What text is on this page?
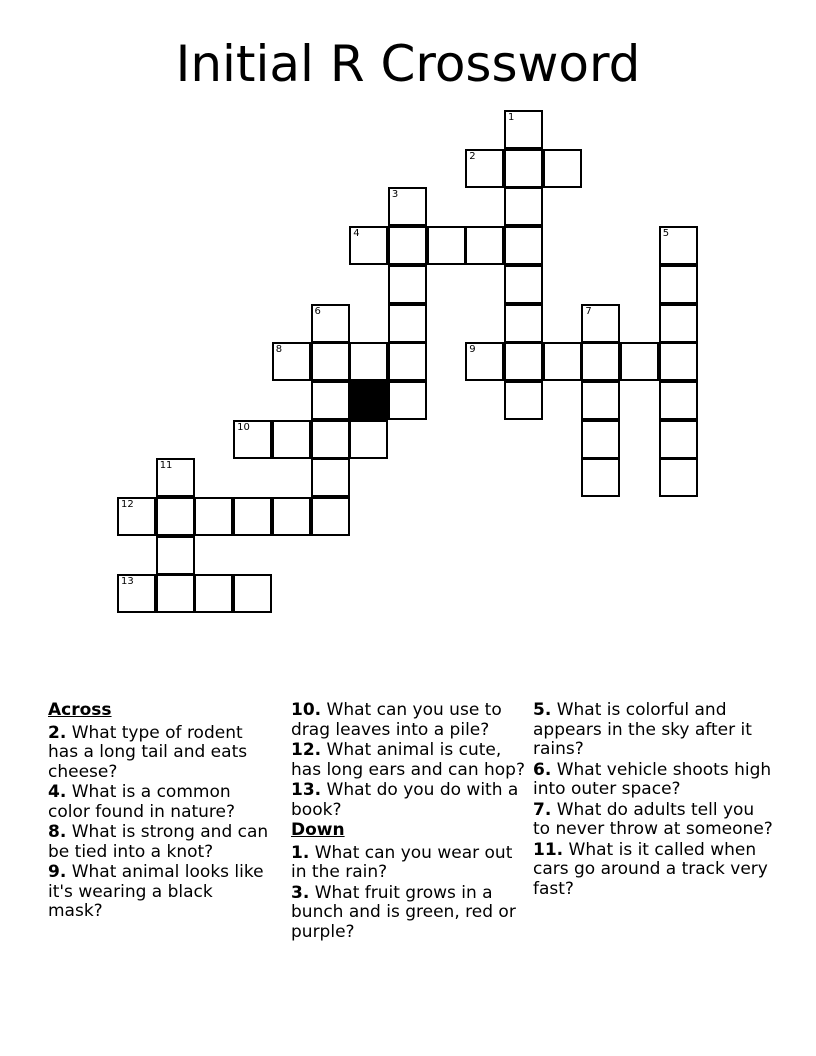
Initial R Crossword
1
2
3
4	5
6	7
8	9
10
11
12
13

Across

2. What type of rodent has a long tail and eats cheese?

4. What is a common color found in nature?

8. What is strong and can be tied into a knot?

9. What animal looks like it's wearing a black mask?

10. What can you use to drag leaves into a pile?

12. What animal is cute, has long ears and can hop?

13. What do you do with a book?

Down

1. What can you wear out in the rain?

3. What fruit grows in a bunch and is green, red or purple?

5. What is colorful and appears in the sky after it rains?

6. What vehicle shoots high into outer space?

7. What do adults tell you to never throw at someone?

11. What is it called when cars go around a track very fast?
